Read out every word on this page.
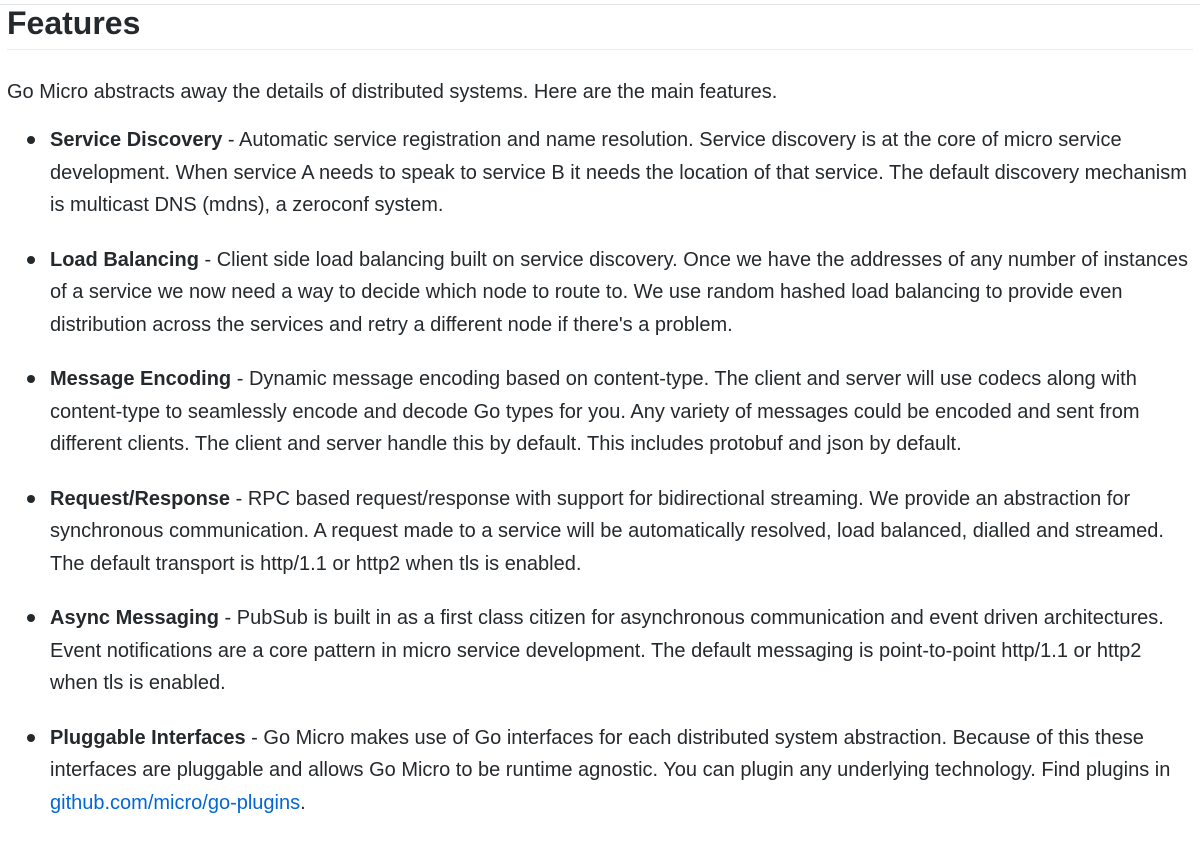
Features

Go Micro abstracts away the details of distributed systems. Here are the main features.

Service Discovery - Automatic service registration and name resolution. Service discovery is at the core of micro service development. When service A needs to speak to service B it needs the location of that service. The default discovery mechanism is multicast DNS (mdns), a zeroconf system.
Load Balancing - Client side load balancing built on service discovery. Once we have the addresses of any number of instances of a service we now need a way to decide which node to route to. We use random hashed load balancing to provide even distribution across the services and retry a different node if there's a problem.
Message Encoding - Dynamic message encoding based on content-type. The client and server will use codecs along with content-type to seamlessly encode and decode Go types for you. Any variety of messages could be encoded and sent from different clients. The client and server handle this by default. This includes protobuf and json by default.
Request/Response - RPC based request/response with support for bidirectional streaming. We provide an abstraction for synchronous communication. A request made to a service will be automatically resolved, load balanced, dialled and streamed. The default transport is http/1.1 or http2 when tls is enabled.
Async Messaging - PubSub is built in as a first class citizen for asynchronous communication and event driven architectures. Event notifications are a core pattern in micro service development. The default messaging is point-to-point http/1.1 or http2 when tls is enabled.
Pluggable Interfaces - Go Micro makes use of Go interfaces for each distributed system abstraction. Because of this these interfaces are pluggable and allows Go Micro to be runtime agnostic. You can plugin any underlying technology. Find plugins in github.com/micro/go-plugins.
